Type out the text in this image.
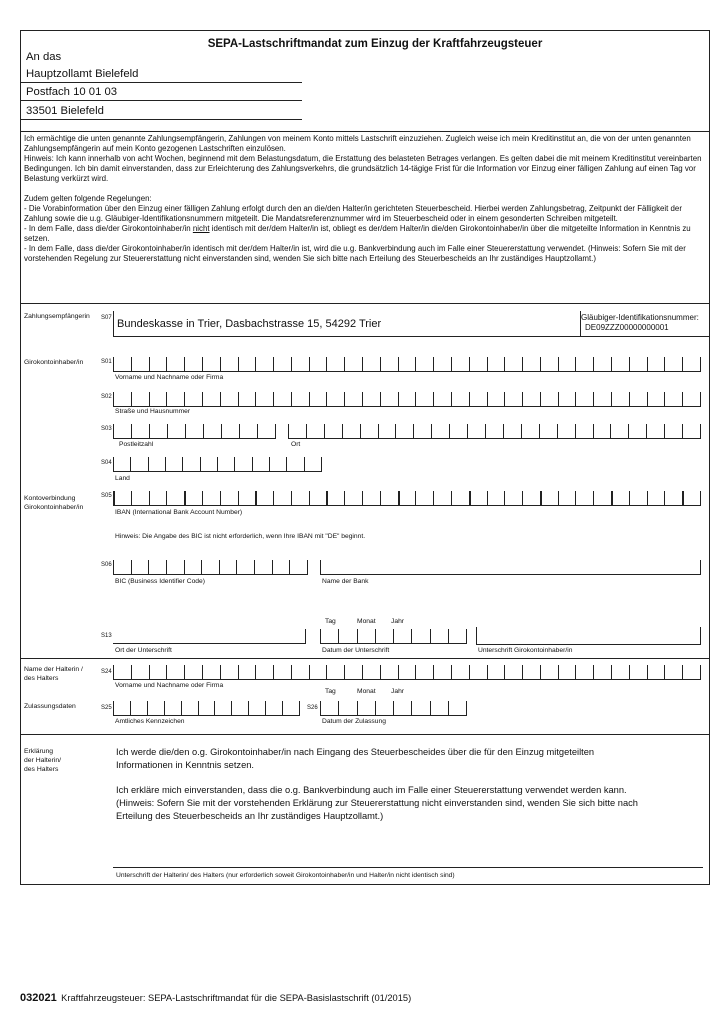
SEPA-Lastschriftmandat zum Einzug der Kraftfahrzeugsteuer
An das
Hauptzollamt Bielefeld
Postfach 10 01 03
33501 Bielefeld

Ich ermächtige die unten genannte Zahlungsempfängerin, Zahlungen von meinem Konto mittels Lastschrift einzuziehen. Zugleich weise ich mein Kreditinstitut an, die von der unten genannten Zahlungsempfängerin auf mein Konto gezogenen Lastschriften einzulösen.

Hinweis: Ich kann innerhalb von acht Wochen, beginnend mit dem Belastungsdatum, die Erstattung des belasteten Betrages verlangen. Es gelten dabei die mit meinem Kreditinstitut vereinbarten Bedingungen. Ich bin damit einverstanden, dass zur Erleichterung des Zahlungsverkehrs, die grundsätzlich 14-tägige Frist für die Information vor Einzug einer fälligen Zahlung auf einen Tag vor Belastung verkürzt wird.

Zudem gelten folgende Regelungen:

- Die Vorabinformation über den Einzug einer fälligen Zahlung erfolgt durch den an die/den Halter/in gerichteten Steuerbescheid. Hierbei werden Zahlungsbetrag, Zeitpunkt der Fälligkeit der Zahlung sowie die u.g. Gläubiger-Identifikationsnummern mitgeteilt. Die Mandatsreferenznummer wird im Steuerbescheid oder in einem gesonderten Schreiben mitgeteilt.

- In dem Falle, dass die/der Girokontoinhaber/in nicht identisch mit der/dem Halter/in ist, obliegt es der/dem Halter/in die/den Girokontoinhaber/in über die mitgeteilte Information in Kenntnis zu setzen.

- In dem Falle, dass die/der Girokontoinhaber/in identisch mit der/dem Halter/in ist, wird die u.g. Bankverbindung auch im Falle einer Steuererstattung verwendet. (Hinweis: Sofern Sie mit der vorstehenden Regelung zur Steuererstattung nicht einverstanden sind, wenden Sie sich bitte nach Erteilung des Steuerbescheids an Ihr zuständiges Hauptzollamt.)

Zahlungsempfängerin S07 Bundeskasse in Trier, Dasbachstrasse 15, 54292 Trier
Gläubiger-Identifikationsnummer:
DE09ZZZ00000000001
Girokontoinhaber/in	S01
Vorname und Nachname oder Firma
S02
Straße und Hausnummer
S03
Postleitzahl	Ort
S04
Land
Kontoverbindung
Girokontoinhaber/in
S05
IBAN (International Bank Account Number)
Hinweis: Die Angabe des BIC ist nicht erforderlich, wenn Ihre IBAN mit "DE" beginnt.
S06
BIC (Business Identifier Code)	Name der Bank
Tag	Monat Jahr
S13
Ort der Unterschrift	Datum der Unterschrift	Unterschrift Girokontoinhaber/in
Name der Halterin /
des Halters
S24
Vorname und Nachname oder Firma
Tag	Monat Jahr
Zulassungsdaten	S25	S26
Amtliches Kennzeichen	Datum der Zulassung
Erklärung
der Halterin/
des Halters
Ich werde die/den o.g. Girokontoinhaber/in nach Eingang des Steuerbescheides über die für den Einzug mitgeteilten Informationen in Kenntnis setzen.
Ich erkläre mich einverstanden, dass die o.g. Bankverbindung auch im Falle einer Steuererstattung verwendet werden kann. (Hinweis: Sofern Sie mit der vorstehenden Erklärung zur Steuererstattung nicht einverstanden sind, wenden Sie sich bitte nach Erteilung des Steuerbescheids an Ihr zuständiges Hauptzollamt.)
Unterschrift der Halterin/ des Halters (nur erforderlich soweit Girokontoinhaber/in und Halter/in nicht identisch sind)
032021 Kraftfahrzeugsteuer: SEPA-Lastschriftmandat für die SEPA-Basislastschrift (01/2015)
